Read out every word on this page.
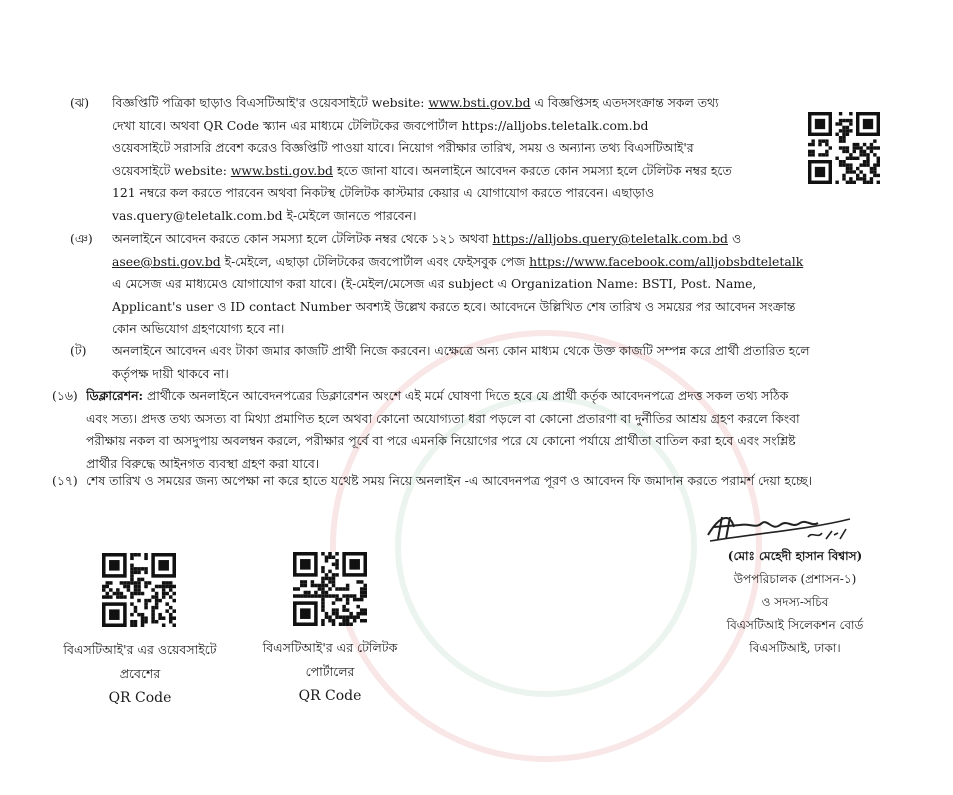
(ঝ) বিজ্ঞপ্তিটি পত্রিকা ছাড়াও বিএসটিআই'র ওয়েবসাইটে website: www.bsti.gov.bd এ বিজ্ঞপ্তিসহ এতদসংক্রান্ত সকল তথ্য
দেখা যাবে। অথবা QR Code স্ক্যান এর মাধ্যমে টেলিটকের জবপোর্টাল https://alljobs.teletalk.com.bd
ওয়েবসাইটে সরাসরি প্রবেশ করেও বিজ্ঞপ্তিটি পাওয়া যাবে। নিয়োগ পরীক্ষার তারিখ, সময় ও অন্যান্য তথ্য বিএসটিআই'র
ওয়েবসাইটে website: www.bsti.gov.bd হতে জানা যাবে। অনলাইনে আবেদন করতে কোন সমস্যা হলে টেলিটক নম্বর হতে
121 নম্বরে কল করতে পারবেন অথবা নিকটস্থ টেলিটক কাস্টমার কেয়ার এ যোগাযোগ করতে পারবেন। এছাড়াও
vas.query@teletalk.com.bd ই-মেইলে জানতে পারবেন।
(ঞ) অনলাইনে আবেদন করতে কোন সমস্যা হলে টেলিটক নম্বর থেকে ১২১ অথবা https://alljobs.query@teletalk.com.bd ও
asee@bsti.gov.bd ই-মেইলে, এছাড়া টেলিটকের জবপোর্টাল এবং ফেইসবুক পেজ https://www.facebook.com/alljobsbdteletalk
এ মেসেজ এর মাধ্যমেও যোগাযোগ করা যাবে। (ই-মেইল/মেসেজ এর subject এ Organization Name: BSTI, Post. Name,
Applicant's user ও ID contact Number অবশ্যই উল্লেখ করতে হবে। আবেদনে উল্লিখিত শেষ তারিখ ও সময়ের পর আবেদন সংক্রান্ত
কোন অভিযোগ গ্রহণযোগ্য হবে না।
(ট) অনলাইনে আবেদন এবং টাকা জমার কাজটি প্রার্থী নিজে করবেন। এক্ষেত্রে অন্য কোন মাধ্যম থেকে উক্ত কাজটি সম্পন্ন করে প্রার্থী প্রতারিত হলে
কর্তৃপক্ষ দায়ী থাকবে না।
(১৬) ডিক্লারেশন: প্রার্থীকে অনলাইনে আবেদনপত্রের ডিক্লারেশন অংশে এই মর্মে ঘোষণা দিতে হবে যে প্রার্থী কর্তৃক আবেদনপত্রে প্রদত্ত সকল তথ্য সঠিক
এবং সত্য। প্রদত্ত তথ্য অসত্য বা মিথ্যা প্রমাণিত হলে অথবা কোনো অযোগ্যতা ধরা পড়লে বা কোনো প্রতারণা বা দুর্নীতির আশ্রয় গ্রহণ করলে কিংবা
পরীক্ষায় নকল বা অসদুপায় অবলম্বন করলে, পরীক্ষার পূর্বে বা পরে এমনকি নিয়োগের পরে যে কোনো পর্যায়ে প্রার্থীতা বাতিল করা হবে এবং সংশ্লিষ্ট
প্রার্থীর বিরুদ্ধে আইনগত ব্যবস্থা গ্রহণ করা যাবে।
(১৭) শেষ তারিখ ও সময়ের জন্য অপেক্ষা না করে হাতে যথেষ্ট সময় নিয়ে অনলাইন -এ আবেদনপত্র পূরণ ও আবেদন ফি জমাদান করতে পরামর্শ দেয়া হচ্ছে।
বিএসটিআই'র এর ওয়েবসাইটে
প্রবেশের
QR Code
বিএসটিআই'র এর টেলিটক
পোর্টালের
QR Code
(মোঃ মেহেদী হাসান বিশ্বাস)
উপপরিচালক (প্রশাসন-১)
ও সদস্য-সচিব
বিএসটিআই সিলেকশন বোর্ড
বিএসটিআই, ঢাকা।
